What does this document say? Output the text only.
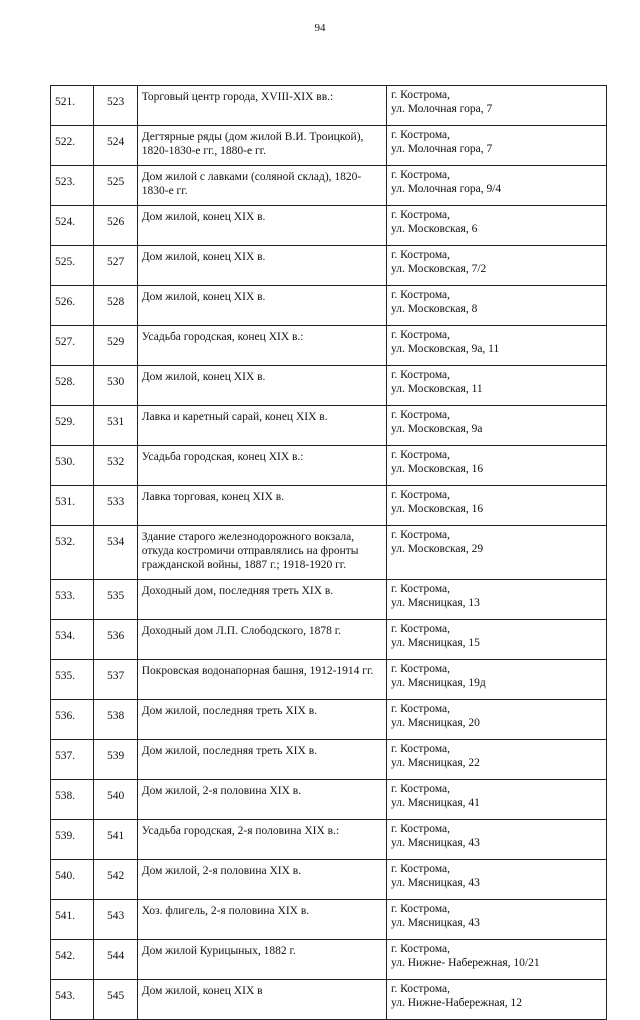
94
521.	523	Торговый центр города, XVIII-XIX вв.:	г. Кострома,
ул. Молочная гора, 7

522.	524	Дегтярные ряды (дом жилой В.И. Троицкой), 1820-1830-е гг., 1880-е гг.	г. Кострома,
ул. Молочная гора, 7

523.	525	Дом жилой с лавками (соляной склад), 1820-1830-е гг.	г. Кострома,
ул. Молочная гора, 9/4

524.	526	Дом жилой, конец XIX в.	г. Кострома,
ул. Московская, 6

525.	527	Дом жилой, конец XIX в.	г. Кострома,
ул. Московская, 7/2

526.	528	Дом жилой, конец XIX в.	г. Кострома,
ул. Московская, 8

527.	529	Усадьба городская, конец XIX в.:	г. Кострома,
ул. Московская, 9а, 11

528.	530	Дом жилой, конец XIX в.	г. Кострома,
ул. Московская, 11

529.	531	Лавка и каретный сарай, конец XIX в.	г. Кострома,
ул. Московская, 9а

530.	532	Усадьба городская, конец XIX в.:	г. Кострома,
ул. Московская, 16

531.	533	Лавка торговая, конец XIX в.	г. Кострома,
ул. Московская, 16

532.	534	Здание старого железнодорожного вокзала, откуда костромичи отправлялись на фронты гражданской войны, 1887 г.; 1918-1920 гг.	г. Кострома,
ул. Московская, 29

533.	535	Доходный дом, последняя треть XIX в.	г. Кострома,
ул. Мясницкая, 13

534.	536	Доходный дом Л.П. Слободского, 1878 г.	г. Кострома,
ул. Мясницкая, 15

535.	537	Покровская водонапорная башня, 1912-1914 гг.	г. Кострома,
ул. Мясницкая, 19д

536.	538	Дом жилой, последняя треть XIX в.	г. Кострома,
ул. Мясницкая, 20

537.	539	Дом жилой, последняя треть XIX в.	г. Кострома,
ул. Мясницкая, 22

538.	540	Дом жилой, 2-я половина XIX в.	г. Кострома,
ул. Мясницкая, 41

539.	541	Усадьба городская, 2-я половина XIX в.:	г. Кострома,
ул. Мясницкая, 43

540.	542	Дом жилой, 2-я половина XIX в.	г. Кострома,
ул. Мясницкая, 43

541.	543	Хоз. флигель, 2-я половина XIX в.	г. Кострома,
ул. Мясницкая, 43

542.	544	Дом жилой Курицыных, 1882 г.	г. Кострома,
ул. Нижне- Набережная, 10/21

543.	545	Дом жилой, конец XIX в	г. Кострома,
ул. Нижне-Набережная, 12
